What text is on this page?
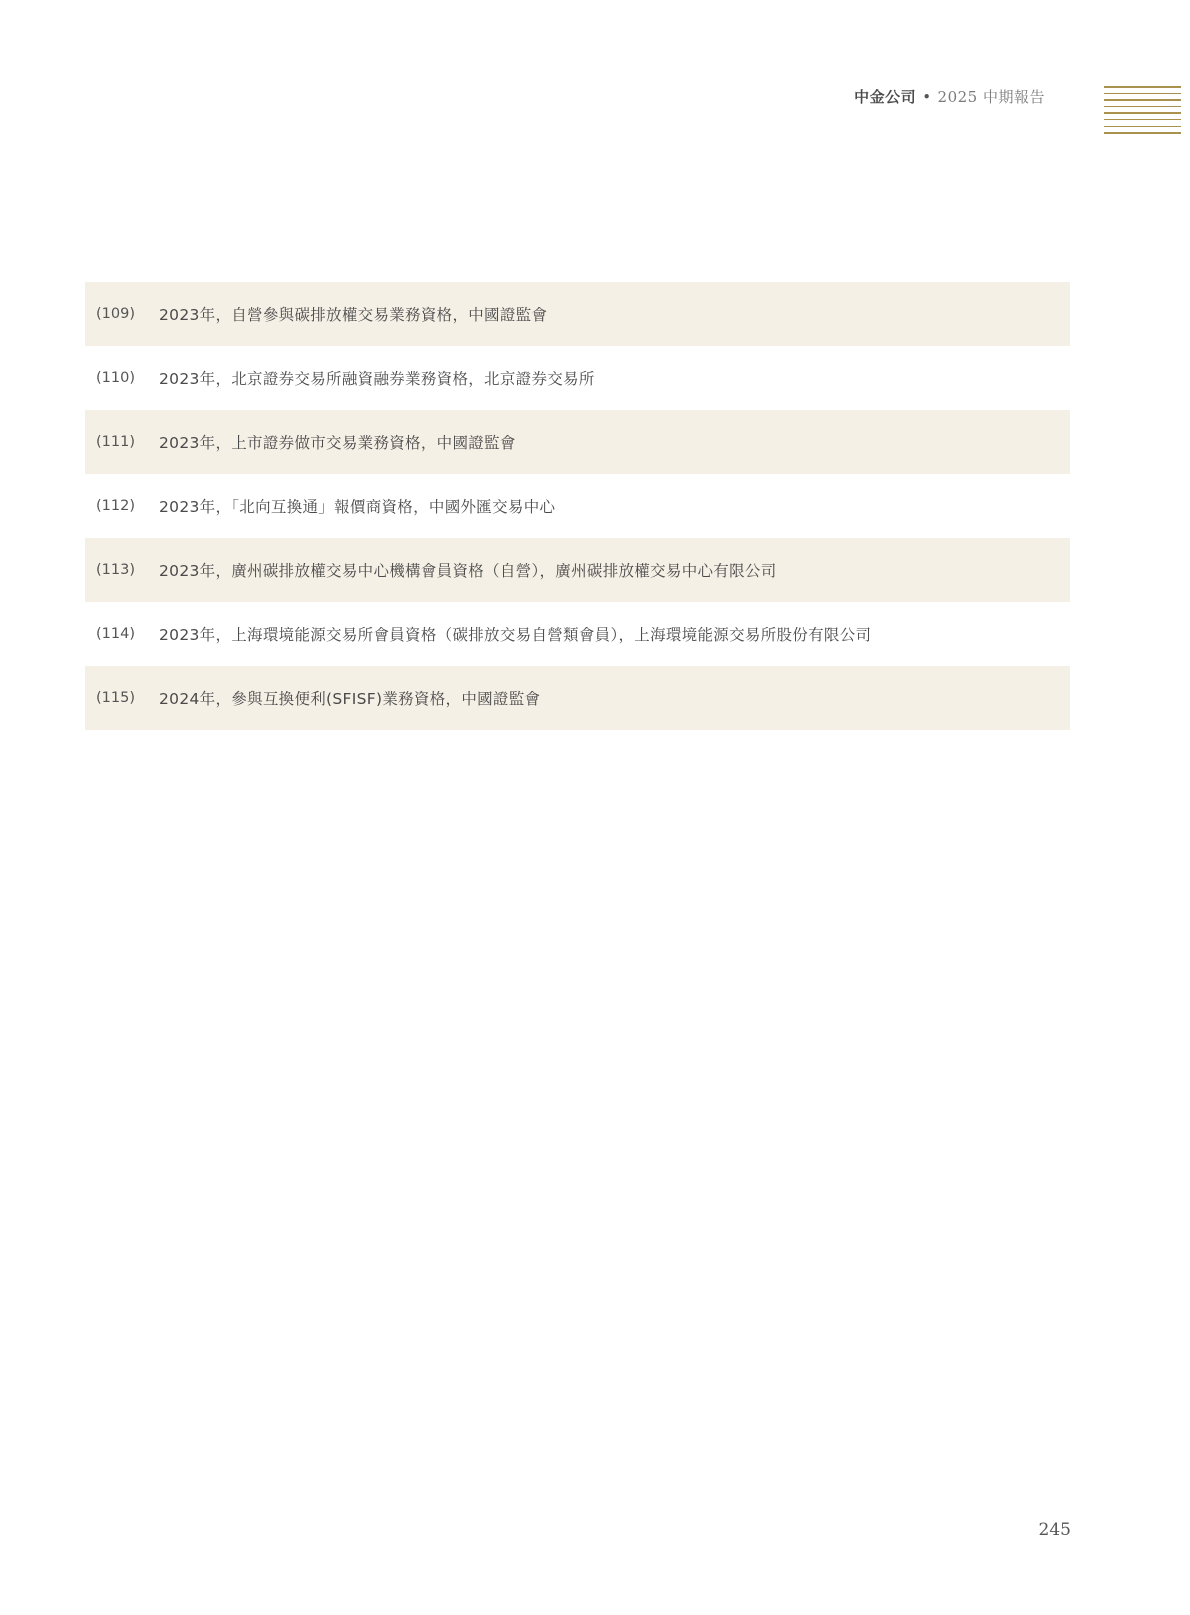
中金公司 • 2025 中期報告
(109)	2023年，自營參與碳排放權交易業務資格，中國證監會
(110)	2023年，北京證券交易所融資融券業務資格，北京證券交易所
(111)	2023年，上市證券做市交易業務資格，中國證監會
(112)	2023年，「北向互換通」報價商資格，中國外匯交易中心
(113)	2023年，廣州碳排放權交易中心機構會員資格（自營），廣州碳排放權交易中心有限公司
(114)	2023年，上海環境能源交易所會員資格（碳排放交易自營類會員），上海環境能源交易所股份有限公司
(115)	2024年，參與互換便利(SFISF)業務資格，中國證監會
245
